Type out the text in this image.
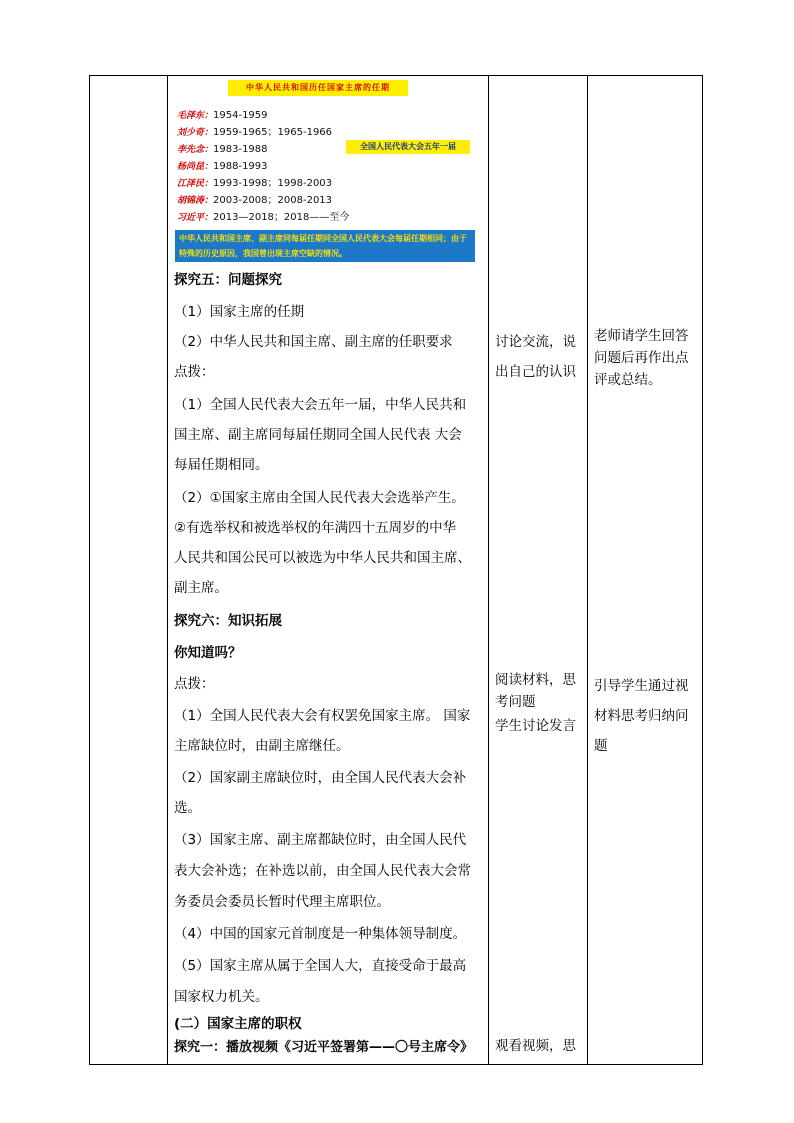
中华人民共和国历任国家主席的任期
毛泽东：1954-1959
刘少奇：1959-1965；1965-1966
李先念：1983-1988
杨尚昆：1988-1993
江泽民：1993-1998；1998-2003
胡锦涛：2003-2008；2008-2013
习近平：2013—2018；2018——至今
全国人民代表大会五年一届
中华人民共和国主席、副主席同每届任期同全国人民代表大会每届任期相同；由于特殊的历史原因，我国曾出现主席空缺的情况。
探究五：问题探究
（1）国家主席的任期
（2）中华人民共和国主席、副主席的任职要求
点拨：
（1）全国人民代表大会五年一届，中华人民共和
国主席、副主席同每届任期同全国人民代表 大会
每届任期相同。
（2）①国家主席由全国人民代表大会选举产生。
②有选举权和被选举权的年满四十五周岁的中华
人民共和国公民可以被选为中华人民共和国主席、
副主席。
探究六：知识拓展
你知道吗？
点拨：
（1）全国人民代表大会有权罢免国家主席。 国家
主席缺位时，由副主席继任。
（2）国家副主席缺位时，由全国人民代表大会补
选。
（3）国家主席、副主席都缺位时，由全国人民代
表大会补选；在补选以前，由全国人民代表大会常
务委员会委员长暂时代理主席职位。
（4）中国的国家元首制度是一种集体领导制度。
（5）国家主席从属于全国人大，直接受命于最高
国家权力机关。
(二）国家主席的职权
探究一：播放视频《习近平签署第——〇号主席令》
讨论交流，说
出自己的认识
阅读材料，思
考问题
学生讨论发言
观看视频，思
老师请学生回答
问题后再作出点
评或总结。
引导学生通过视
材料思考归纳问
题
